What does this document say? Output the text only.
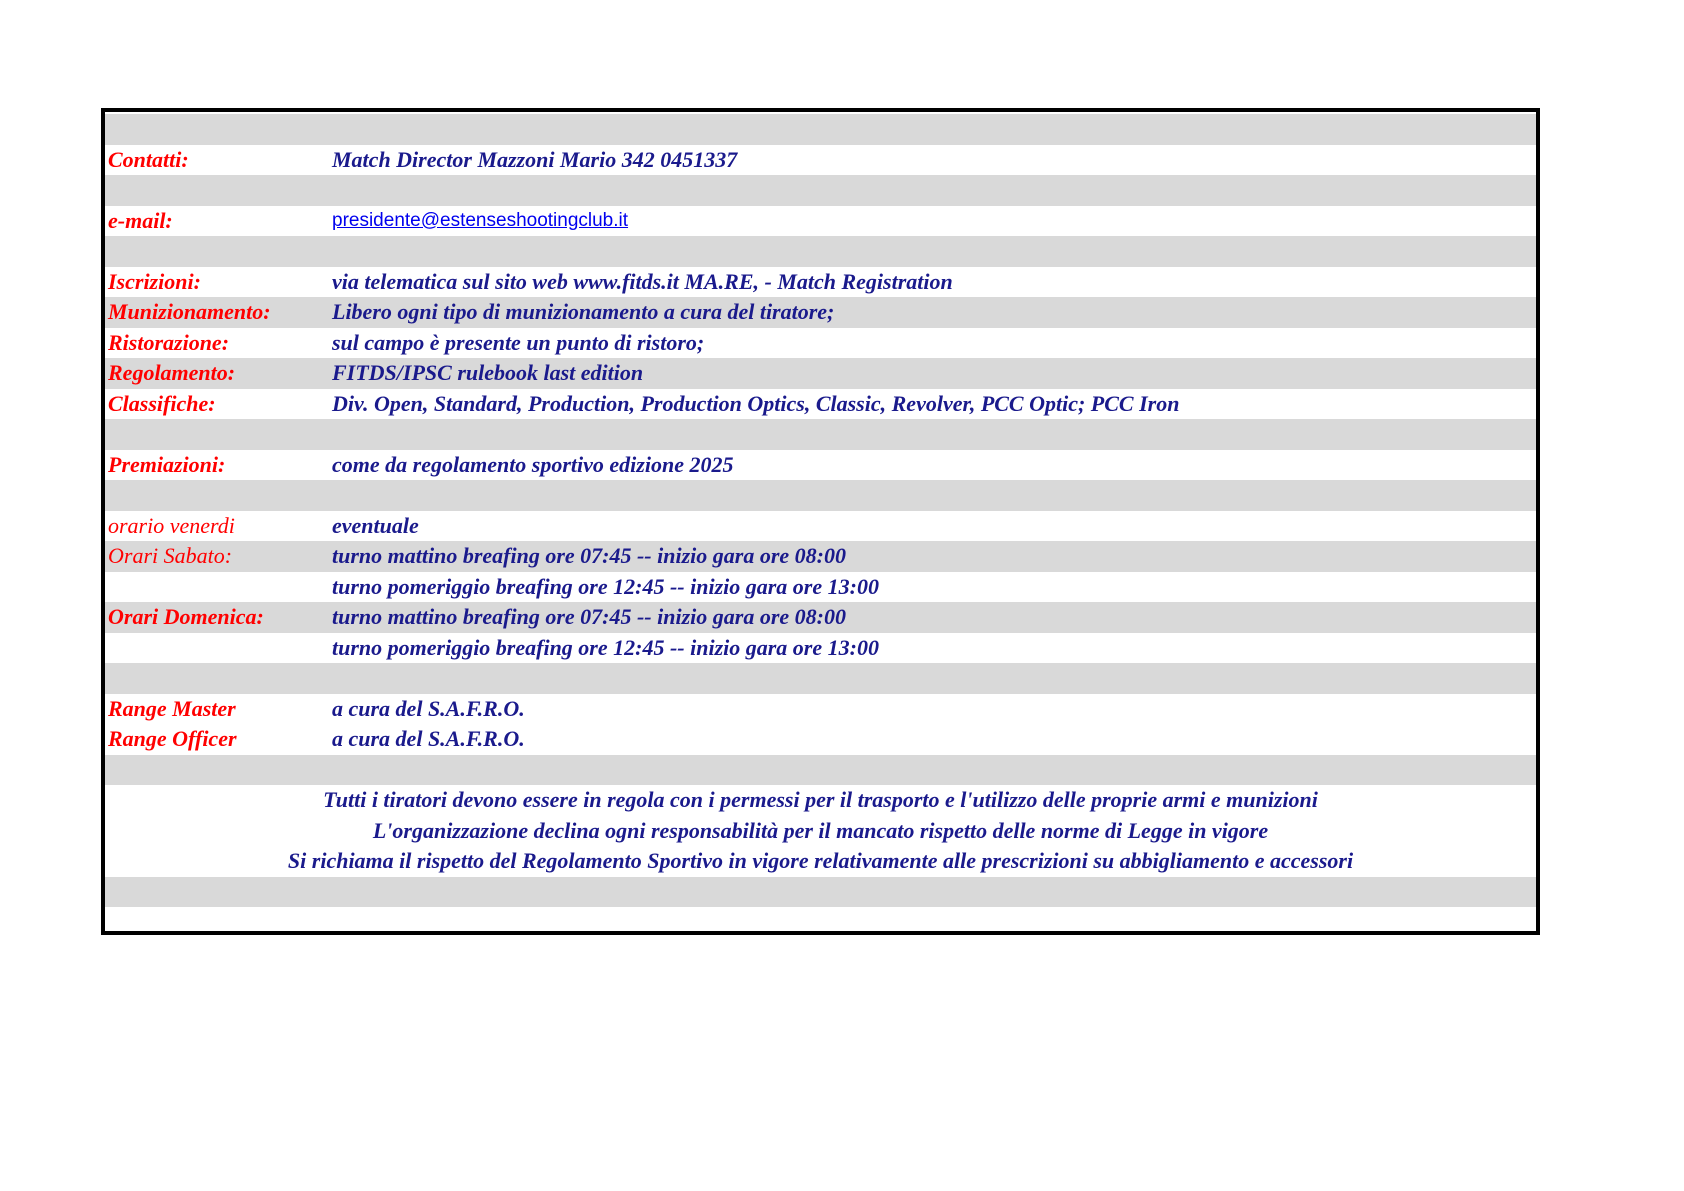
Contatti:	Match Director Mazzoni Mario 342 0451337
e-mail:	presidente@estenseshootingclub.it
Iscrizioni:	via telematica sul sito web www.fitds.it MA.RE, - Match Registration
Munizionamento:	Libero ogni tipo di munizionamento a cura del tiratore;
Ristorazione:	sul campo è presente un punto di ristoro;
Regolamento:	FITDS/IPSC rulebook last edition
Classifiche:	Div. Open, Standard, Production, Production Optics, Classic, Revolver, PCC Optic; PCC Iron
Premiazioni:	come da regolamento sportivo edizione 2025
orario venerdi	eventuale
Orari Sabato:	turno mattino breafing ore 07:45 -- inizio gara ore 08:00
turno pomeriggio breafing ore 12:45 -- inizio gara ore 13:00
Orari Domenica:	turno mattino breafing ore 07:45 -- inizio gara ore 08:00
turno pomeriggio breafing ore 12:45 -- inizio gara ore 13:00
Range Master	a cura del S.A.F.R.O.
Range Officer	a cura del S.A.F.R.O.
Tutti i tiratori devono essere in regola con i permessi per il trasporto e l'utilizzo delle proprie armi e munizioni
L'organizzazione declina ogni responsabilità per il mancato rispetto delle norme di Legge in vigore
Si richiama il rispetto del Regolamento Sportivo in vigore relativamente alle prescrizioni su abbigliamento e accessori
